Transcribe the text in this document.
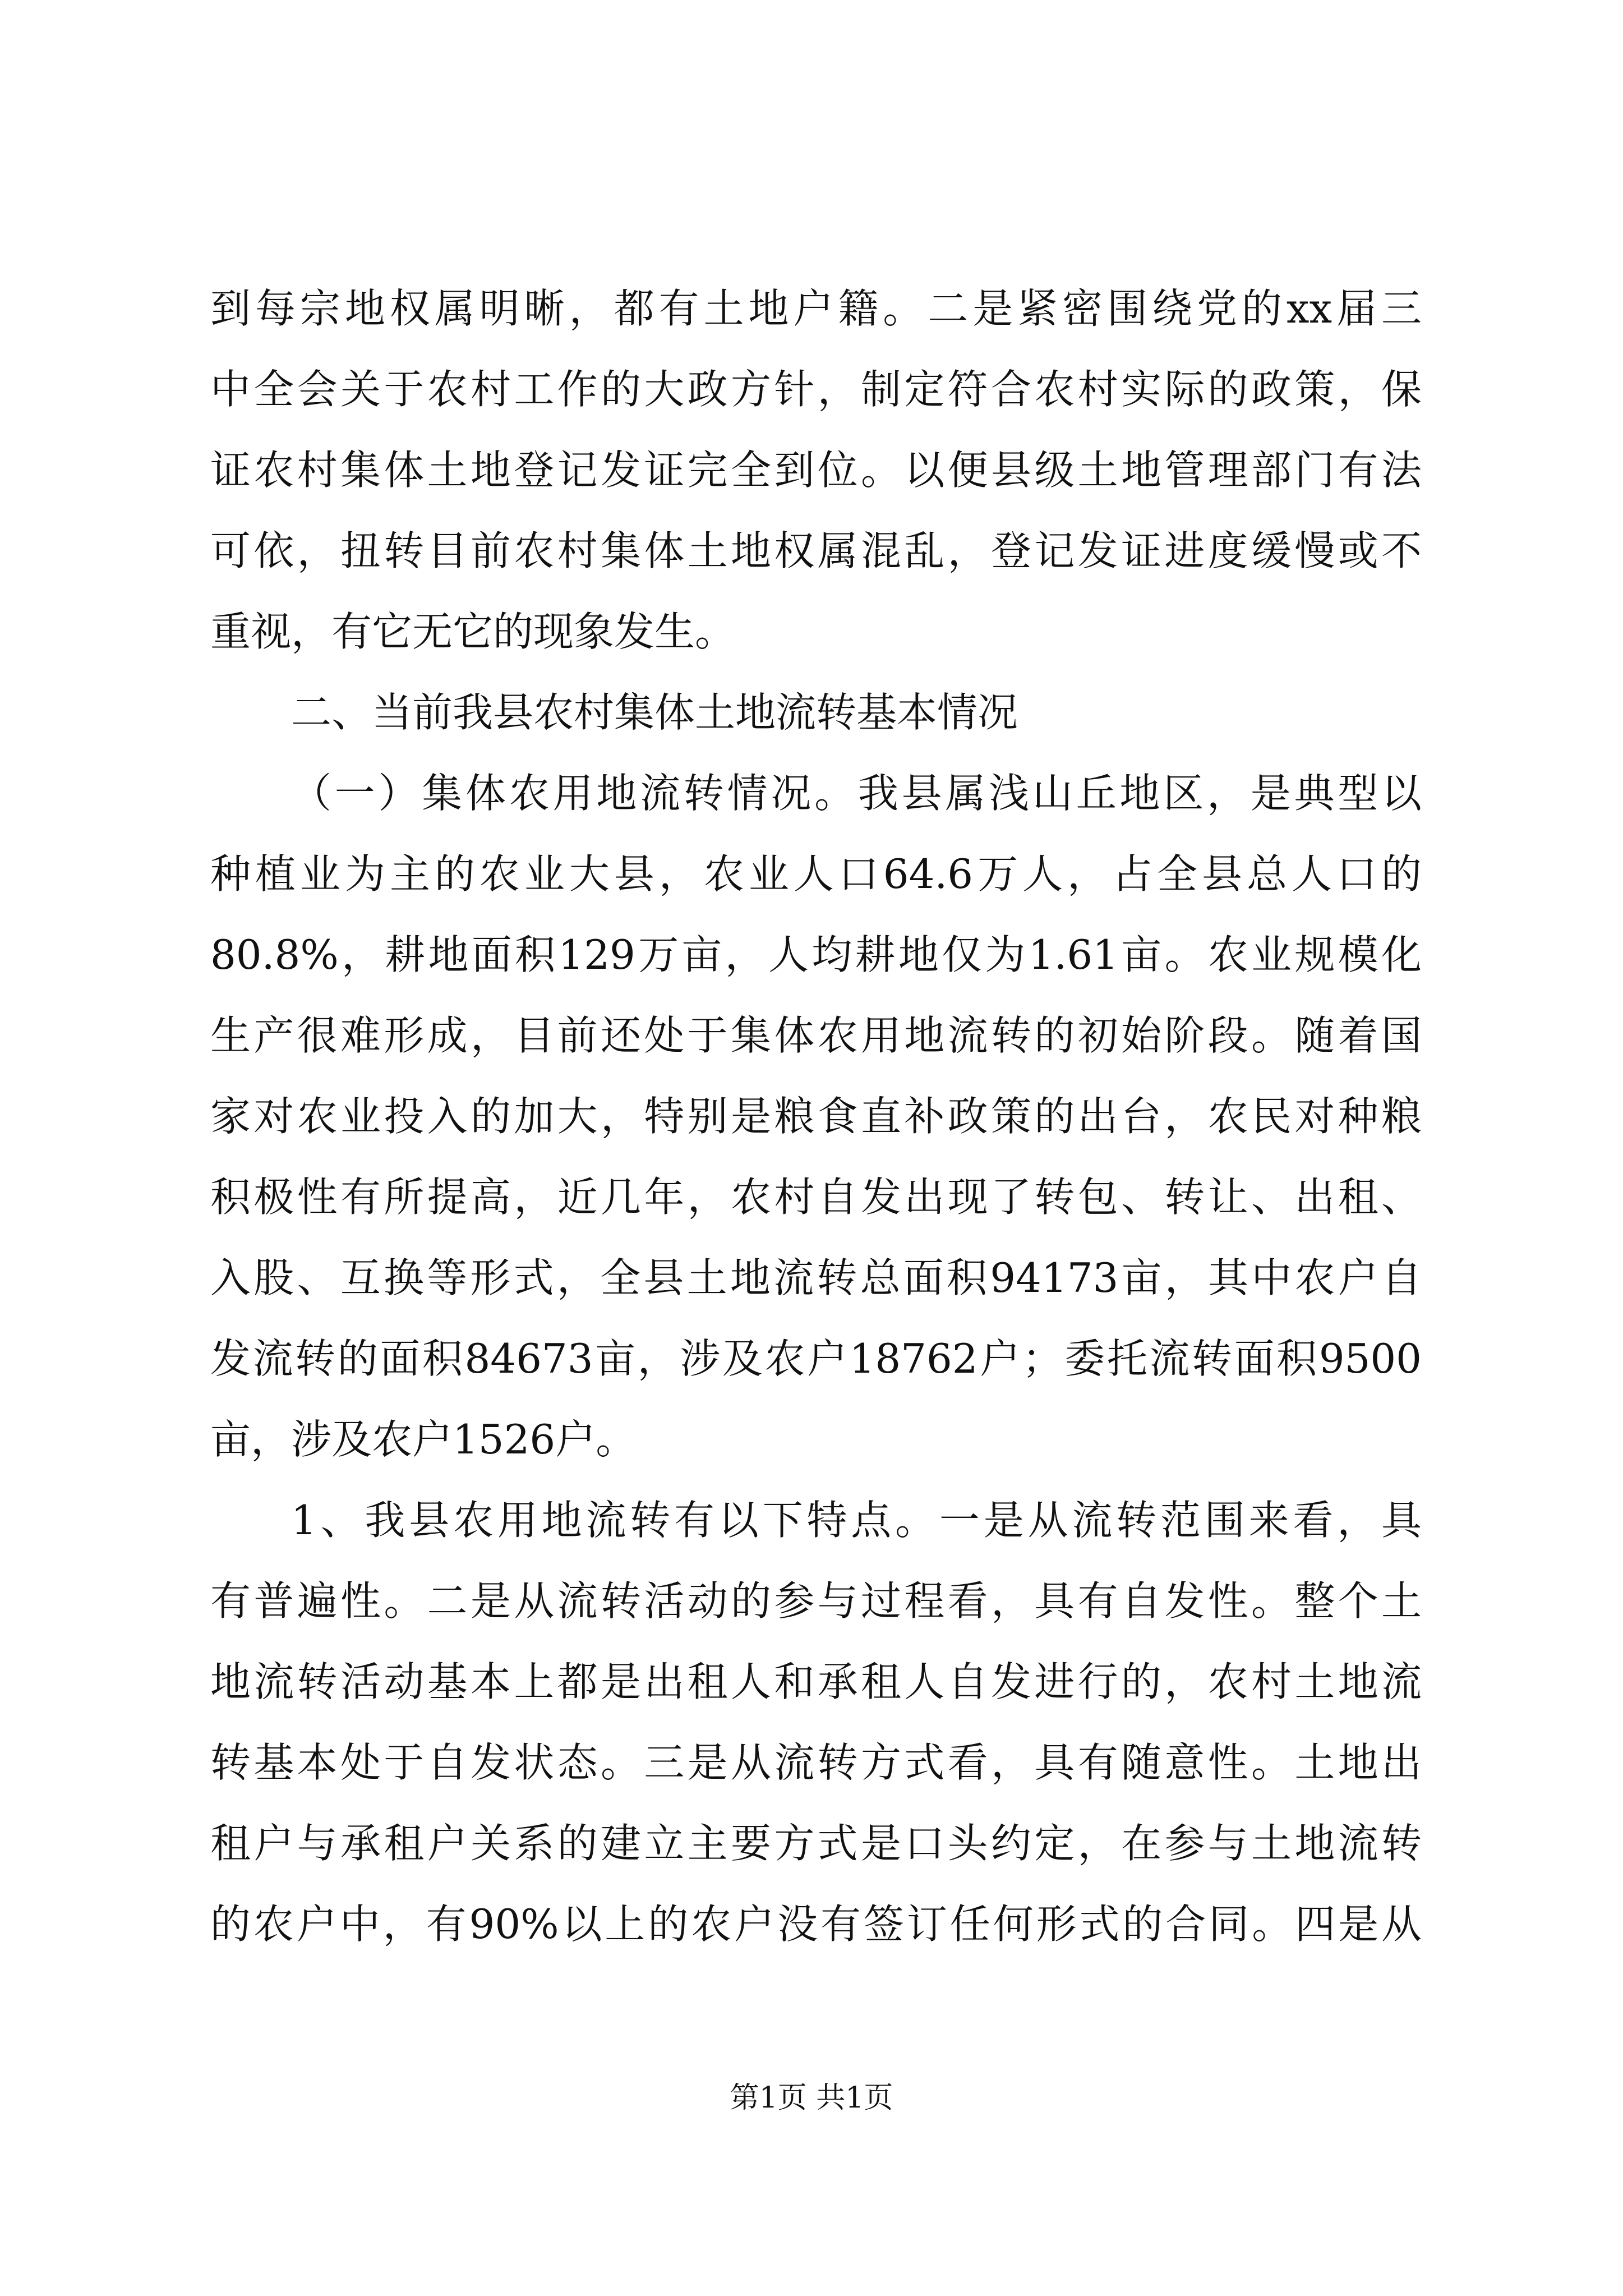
到每宗地权属明晰，都有土地户籍。二是紧密围绕党的xx届三
中全会关于农村工作的大政方针，制定符合农村实际的政策，保
证农村集体土地登记发证完全到位。以便县级土地管理部门有法
可依，扭转目前农村集体土地权属混乱，登记发证进度缓慢或不
重视，有它无它的现象发生。
二、当前我县农村集体土地流转基本情况
（一）集体农用地流转情况。我县属浅山丘地区，是典型以
种植业为主的农业大县，农业人口64.6万人，占全县总人口的
80.8%，耕地面积129万亩，人均耕地仅为1.61亩。农业规模化
生产很难形成，目前还处于集体农用地流转的初始阶段。随着国
家对农业投入的加大，特别是粮食直补政策的出台，农民对种粮
积极性有所提高，近几年，农村自发出现了转包、转让、出租、
入股、互换等形式，全县土地流转总面积94173亩，其中农户自
发流转的面积84673亩，涉及农户18762户；委托流转面积9500
亩，涉及农户1526户。
1、我县农用地流转有以下特点。一是从流转范围来看，具
有普遍性。二是从流转活动的参与过程看，具有自发性。整个土
地流转活动基本上都是出租人和承租人自发进行的，农村土地流
转基本处于自发状态。三是从流转方式看，具有随意性。土地出
租户与承租户关系的建立主要方式是口头约定，在参与土地流转
的农户中，有90%以上的农户没有签订任何形式的合同。四是从
第1页 共1页
